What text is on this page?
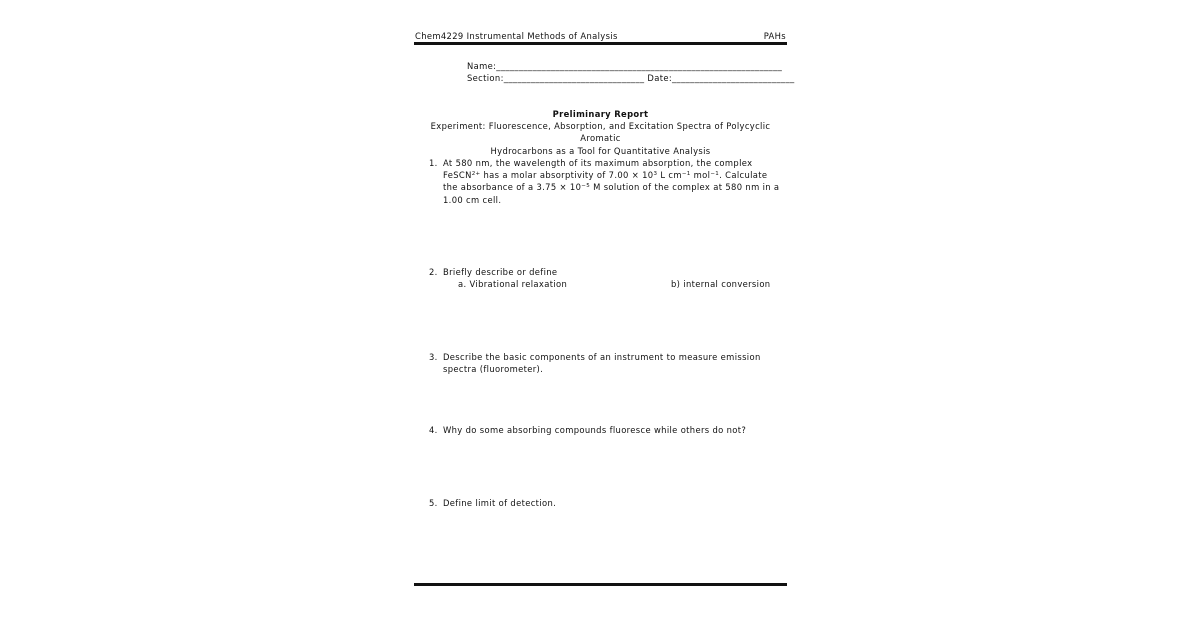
Chem4229 Instrumental Methods of Analysis	PAHs
Name:_______________________________________________________________
Section:_______________________________ Date:___________________________
Preliminary Report
Experiment: Fluorescence, Absorption, and Excitation Spectra of Polycyclic Aromatic
Hydrocarbons as a Tool for Quantitative Analysis
1. At 580 nm, the wavelength of its maximum absorption, the complex FeSCN$^{2+}$ has a molar absorptivity of $7.00 \times 10^3$ L $cm^{-1}$ mol$^{-1}$. Calculate the absorbance of a $3.75 \times 10^{-5}$ M solution of the complex at 580 nm in a 1.00 cm cell.
2. Briefly describe or define
a. Vibrational relaxation	b) internal conversion
3. Describe the basic components of an instrument to measure emission spectra (fluorometer).
4. Why do some absorbing compounds fluoresce while others do not?
5. Define limit of detection.
